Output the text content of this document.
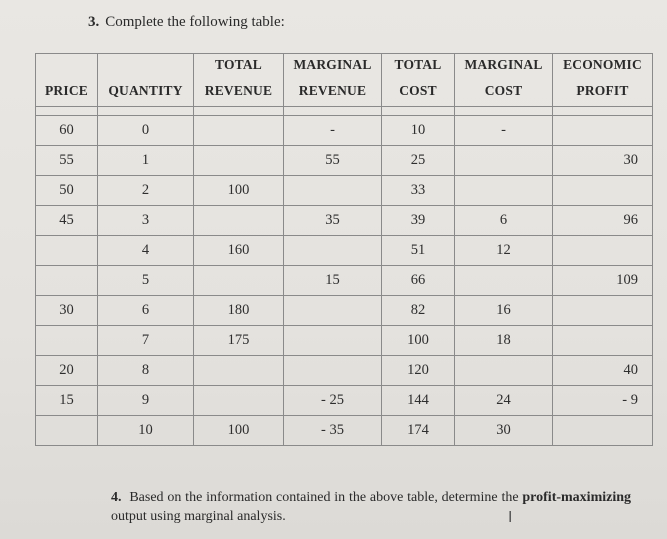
3. Complete the following table:
		TOTAL	MARGINAL	TOTAL	MARGINAL	ECONOMIC
PRICE	QUANTITY	REVENUE	REVENUE	COST	COST	PROFIT

60	0		-	10	-	
55	1		55	25		30
50	2	100		33		
45	3		35	39	6	96
	4	160		51	12	
	5		15	66		109
30	6	180		82	16	
	7	175		100	18	
20	8			120		40
15	9		- 25	144	24	- 9
	10	100	- 35	174	30	
4. Based on the information contained in the above table, determine the profit-maximizing output using marginal analysis.	I
